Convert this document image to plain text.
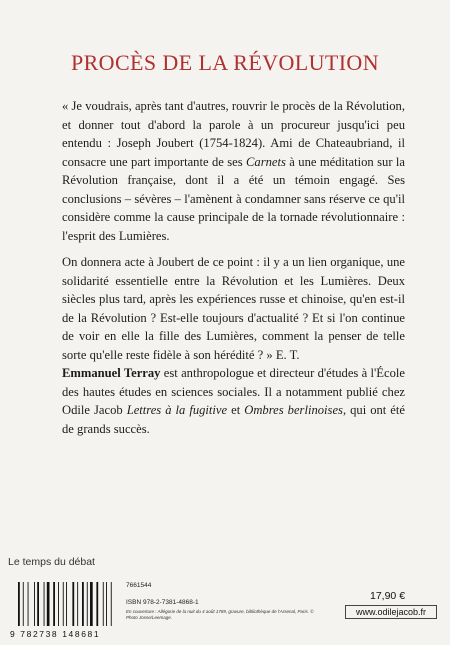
PROCÈS DE LA RÉVOLUTION

« Je voudrais, après tant d'autres, rouvrir le procès de la Révolution, et donner tout d'abord la parole à un procureur jusqu'ici peu entendu : Joseph Joubert (1754-1824). Ami de Chateaubriand, il consacre une part importante de ses Carnets à une méditation sur la Révolution française, dont il a été un témoin engagé. Ses conclusions – sévères – l'amènent à condamner sans réserve ce qu'il considère comme la cause principale de la tornade révolutionnaire : l'esprit des Lumières.

On donnera acte à Joubert de ce point : il y a un lien organique, une solidarité essentielle entre la Révolution et les Lumières. Deux siècles plus tard, après les expériences russe et chinoise, qu'en est-il de la Révolution ? Est-elle toujours d'actualité ? Et si l'on continue de voir en elle la fille des Lumières, comment la penser de telle sorte qu'elle reste fidèle à son hérédité ? » E. T.

Emmanuel Terray est anthropologue et directeur d'études à l'École des hautes études en sciences sociales. Il a notamment publié chez Odile Jacob Lettres à la fugitive et Ombres berlinoises, qui ont été de grands succès.

Le temps du débat
9 782738 148681
7661544
ISBN 978-2-7381-4868-1
En couverture : Allégorie de la nuit du 4 août 1789, gravure, bibliothèque de l'Arsenal, Paris. © Photo Josse/Leemage.
17,90 €
www.odilejacob.fr
